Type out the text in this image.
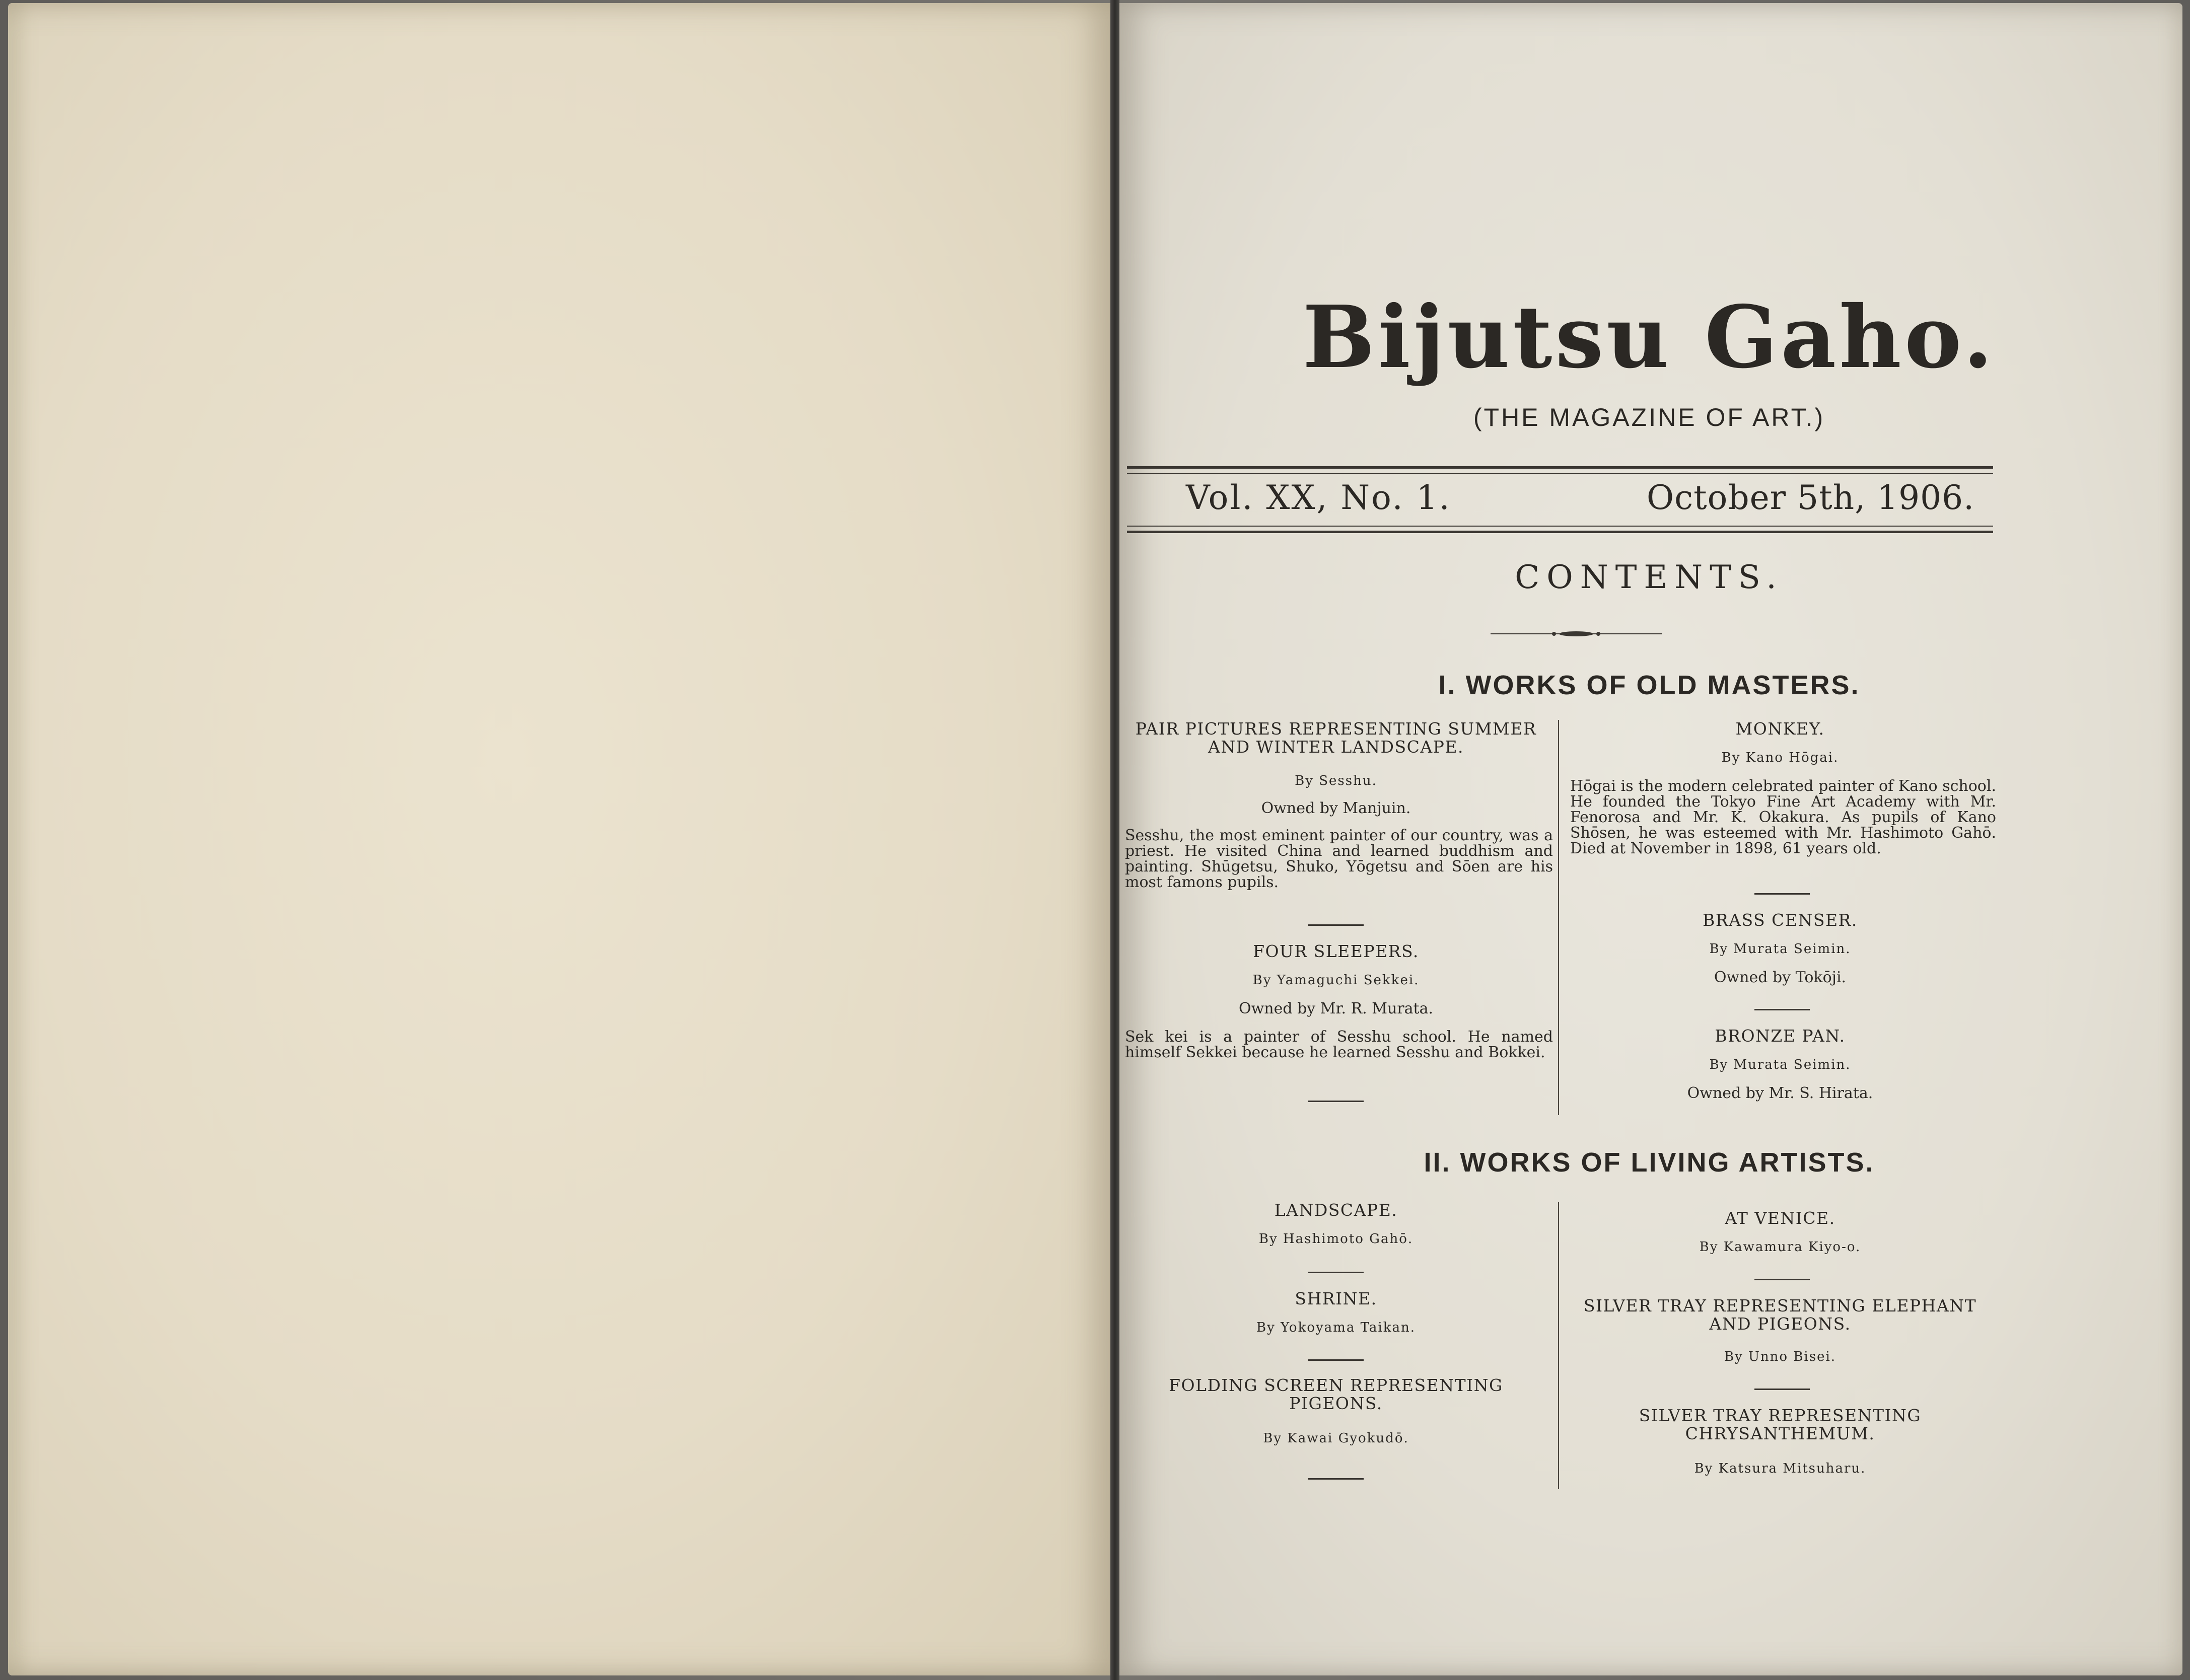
Bijutsu Gaho.
(THE MAGAZINE OF ART.)
Vol. XX, No. 1.	October 5th, 1906.
CONTENTS.
I. WORKS OF OLD MASTERS.
PAIR PICTURES REPRESENTING SUMMER AND WINTER LANDSCAPE.
By Sesshu.
Owned by Manjuin.
Sesshu, the most eminent painter of our country, was a priest. He visited China and learned buddhism and painting. Shūgetsu, Shuko, Yōgetsu and Sōen are his most famons pupils.
FOUR SLEEPERS.
By Yamaguchi Sekkei.
Owned by Mr. R. Murata.
Sek kei is a painter of Sesshu school. He named himself Sekkei because he learned Sesshu and Bokkei.
MONKEY.
By Kano Hōgai.
Hōgai is the modern celebrated painter of Kano school. He founded the Tokyo Fine Art Academy with Mr. Fenorosa and Mr. K. Okakura. As pupils of Kano Shōsen, he was esteemed with Mr. Hashimoto Gahō. Died at November in 1898, 61 years old.
BRASS CENSER.
By Murata Seimin.
Owned by Tokōji.
BRONZE PAN.
By Murata Seimin.
Owned by Mr. S. Hirata.
II. WORKS OF LIVING ARTISTS.
LANDSCAPE.
By Hashimoto Gahō.
SHRINE.
By Yokoyama Taikan.
FOLDING SCREEN REPRESENTING PIGEONS.
By Kawai Gyokudō.
AT VENICE.
By Kawamura Kiyo-o.
SILVER TRAY REPRESENTING ELEPHANT AND PIGEONS.
By Unno Bisei.
SILVER TRAY REPRESENTING CHRYSANTHEMUM.
By Katsura Mitsuharu.
